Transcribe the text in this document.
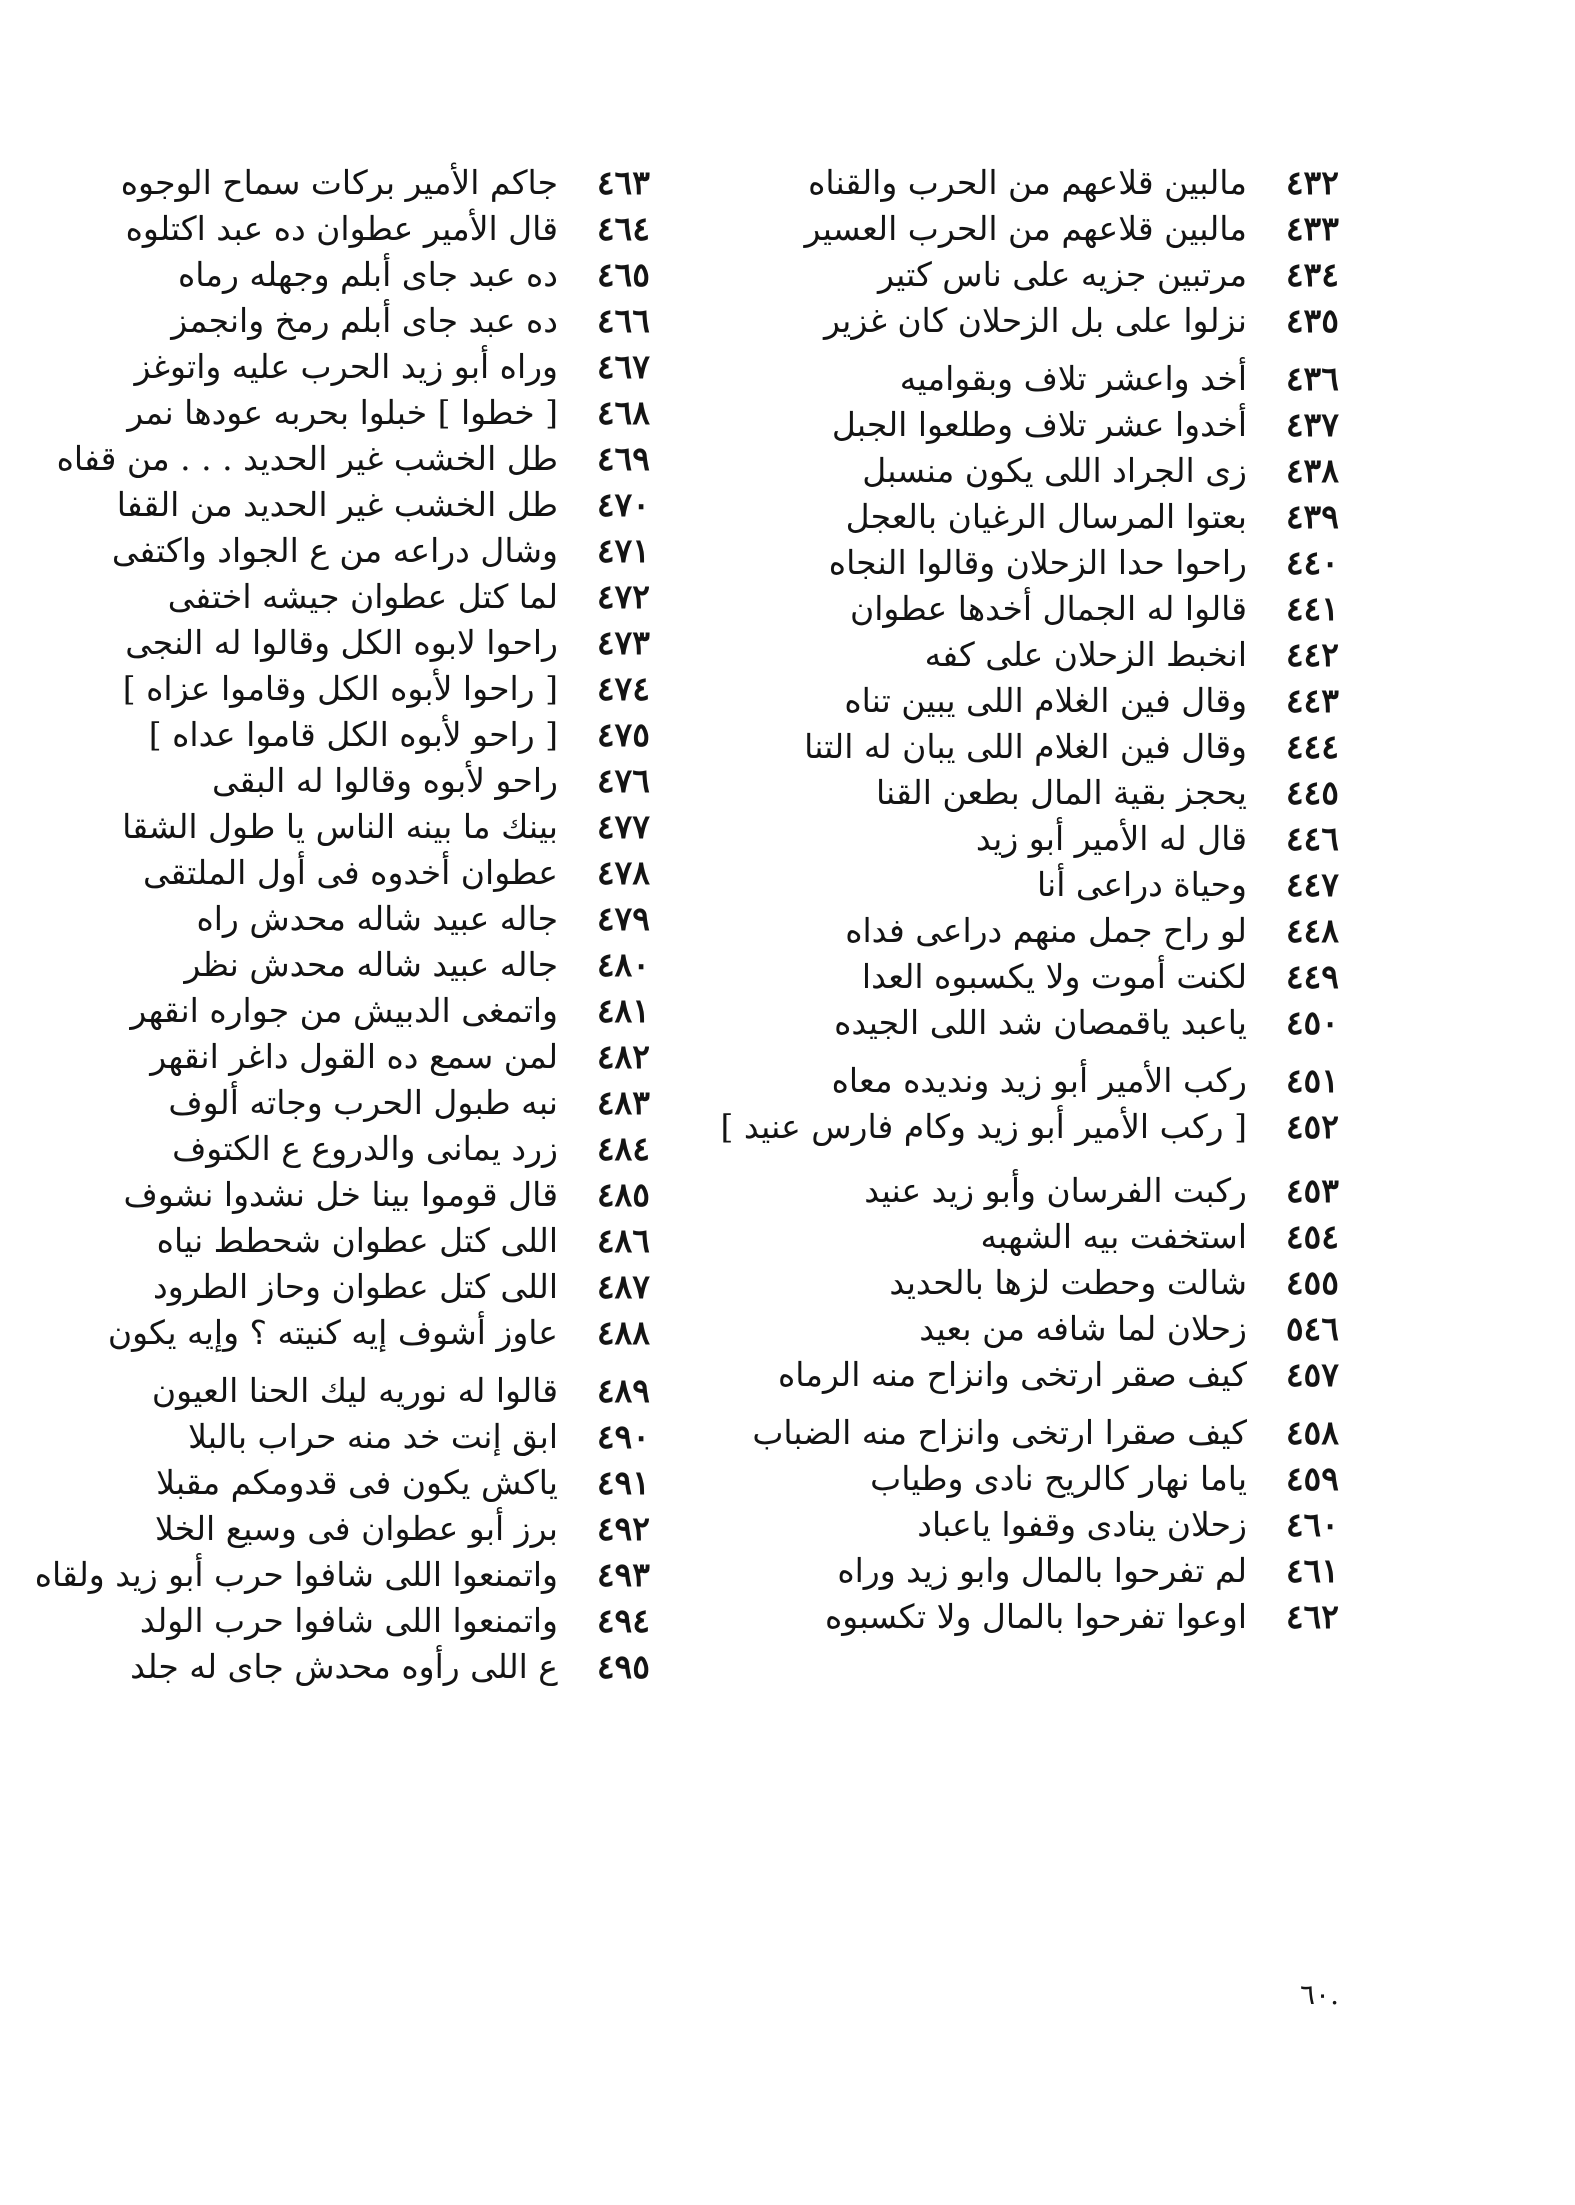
٤٣٢مالبين قلاعهم من الحرب والقناه
٤٣٣مالبين قلاعهم من الحرب العسير
٤٣٤مرتبين جزيه على ناس كتير
٤٣٥نزلوا على بل الزحلان كان غزير
٤٣٦أخد واعشر تلاف وبقواميه
٤٣٧أخدوا عشر تلاف وطلعوا الجبل
٤٣٨زى الجراد اللى يكون منسبل
٤٣٩بعتوا المرسال الرغيان بالعجل
٤٤٠راحوا حدا الزحلان وقالوا النجاه
٤٤١قالوا له الجمال أخدها عطوان
٤٤٢انخبط الزحلان على كفه
٤٤٣وقال فين الغلام اللى يبين تناه
٤٤٤وقال فين الغلام اللى يبان له التنا
٤٤٥يحجز بقية المال بطعن القنا
٤٤٦قال له الأمير أبو زيد
٤٤٧وحياة دراعى أنا
٤٤٨لو راح جمل منهم دراعى فداه
٤٤٩لكنت أموت ولا يكسبوه العدا
٤٥٠ياعبد ياقمصان شد اللى الجيده
٤٥١ركب الأمير أبو زيد ونديده معاه
٤٥٢[ ركب الأمير أبو زيد وكام فارس عنيد ]
٤٥٣ركبت الفرسان وأبو زيد عنيد
٤٥٤استخفت بيه الشهبه
٤٥٥شالت وحطت لزها بالحديد
٥٤٦زحلان لما شافه من بعيد
٤٥٧كيف صقر ارتخى وانزاح منه الرماه
٤٥٨كيف صقرا ارتخى وانزاح منه الضباب
٤٥٩ياما نهار كالريح نادى وطياب
٤٦٠زحلان ينادى وقفوا ياعباد
٤٦١لم تفرحوا بالمال وابو زيد وراه
٤٦٢اوعوا تفرحوا بالمال ولا تكسبوه
٤٦٣جاكم الأمير بركات سماح الوجوه
٤٦٤قال الأمير عطوان ده عبد اكتلوه
٤٦٥ده عبد جاى أبلم وجهله رماه
٤٦٦ده عبد جاى أبلم رمخ وانجمز
٤٦٧وراه أبو زيد الحرب عليه واتوغز
٤٦٨[ خطوا ] خبلوا بحربه عودها نمر
٤٦٩طل الخشب غير الحديد . . . من قفاه
٤٧٠طل الخشب غير الحديد من القفا
٤٧١وشال دراعه من ع الجواد واكتفى
٤٧٢لما كتل عطوان جيشه اختفى
٤٧٣راحوا لابوه الكل وقالوا له النجى
٤٧٤[ راحوا لأبوه الكل وقاموا عزاه ]
٤٧٥[ راحو لأبوه الكل قاموا عداه ]
٤٧٦راحو لأبوه وقالوا له البقى
٤٧٧بينك ما بينه الناس يا طول الشقا
٤٧٨عطوان أخدوه فى أول الملتقى
٤٧٩جاله عبيد شاله محدش راه
٤٨٠جاله عبيد شاله محدش نظر
٤٨١واتمغى الدبيش من جواره انقهر
٤٨٢لمن سمع ده القول داغر انقهر
٤٨٣نبه طبول الحرب وجاته ألوف
٤٨٤زرد يمانى والدروع ع الكتوف
٤٨٥قال قوموا بينا خل نشدوا نشوف
٤٨٦اللى كتل عطوان شحطط نياه
٤٨٧اللى كتل عطوان وحاز الطرود
٤٨٨عاوز أشوف إيه كنيته ؟ وإيه يكون
٤٨٩قالوا له نوريه ليك الحنا العيون
٤٩٠ابق إنت خد منه حراب بالبلا
٤٩١ياكش يكون فى قدومكم مقبلا
٤٩٢برز أبو عطوان فى وسيع الخلا
٤٩٣واتمنعوا اللى شافوا حرب أبو زيد ولقاه
٤٩٤واتمنعوا اللى شافوا حرب الولد
٤٩٥ع اللى رأوه محدش جاى له جلد
.٦٠
